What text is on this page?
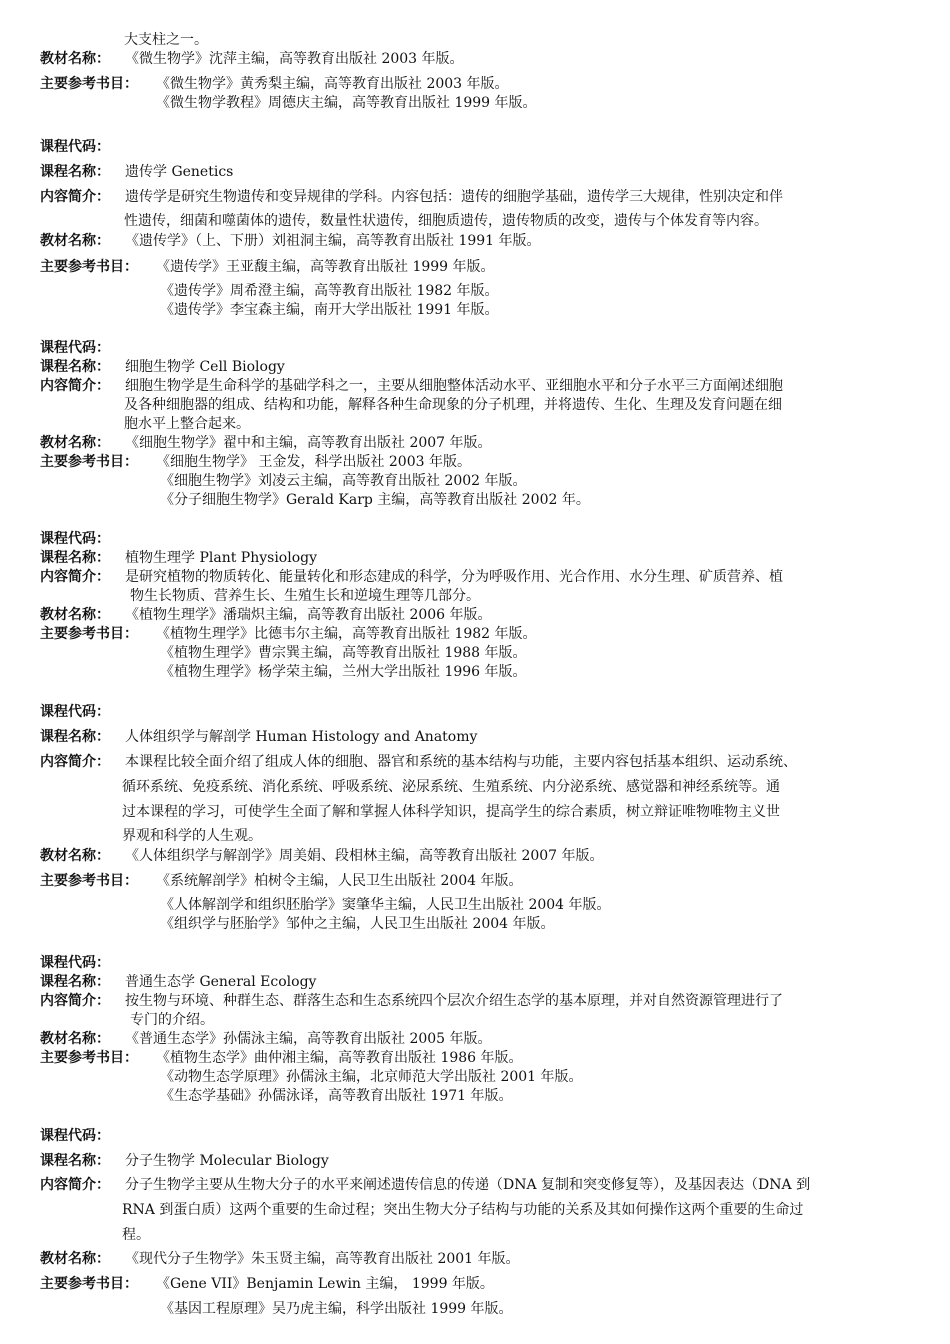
大支柱之一。
教材名称： 《微生物学》沈萍主编，高等教育出版社 2003 年版。
主要参考书目： 《微生物学》黄秀梨主编，高等教育出版社 2003 年版。
《微生物学教程》周德庆主编，高等教育出版社 1999 年版。
课程代码：
课程名称： 遗传学 Genetics
内容简介： 遗传学是研究生物遗传和变异规律的学科。内容包括：遗传的细胞学基础，遗传学三大规律，性别决定和伴
性遗传，细菌和噬菌体的遗传，数量性状遗传，细胞质遗传，遗传物质的改变，遗传与个体发育等内容。
教材名称： 《遗传学》（上、下册）刘祖洞主编，高等教育出版社 1991 年版。
主要参考书目： 《遗传学》王亚馥主编，高等教育出版社 1999 年版。
《遗传学》周希澄主编，高等教育出版社 1982 年版。
《遗传学》李宝森主编，南开大学出版社 1991 年版。
课程代码：
课程名称： 细胞生物学 Cell Biology
内容简介： 细胞生物学是生命科学的基础学科之一，主要从细胞整体活动水平、亚细胞水平和分子水平三方面阐述细胞
及各种细胞器的组成、结构和功能，解释各种生命现象的分子机理，并将遗传、生化、生理及发育问题在细
胞水平上整合起来。
教材名称： 《细胞生物学》翟中和主编，高等教育出版社 2007 年版。
主要参考书目： 《细胞生物学》 王金发，科学出版社 2003 年版。
《细胞生物学》刘凌云主编，高等教育出版社 2002 年版。
《分子细胞生物学》Gerald Karp 主编，高等教育出版社 2002 年。
课程代码：
课程名称： 植物生理学 Plant Physiology
内容简介： 是研究植物的物质转化、能量转化和形态建成的科学，分为呼吸作用、光合作用、水分生理、矿质营养、植
物生长物质、营养生长、生殖生长和逆境生理等几部分。
教材名称： 《植物生理学》潘瑞炽主编，高等教育出版社 2006 年版。
主要参考书目： 《植物生理学》比德韦尔主编，高等教育出版社 1982 年版。
《植物生理学》曹宗巽主编，高等教育出版社 1988 年版。
《植物生理学》杨学荣主编，兰州大学出版社 1996 年版。
课程代码：
课程名称： 人体组织学与解剖学 Human Histology and Anatomy
内容简介： 本课程比较全面介绍了组成人体的细胞、器官和系统的基本结构与功能，主要内容包括基本组织、运动系统、
循环系统、免疫系统、消化系统、呼吸系统、泌尿系统、生殖系统、内分泌系统、感觉器和神经系统等。通
过本课程的学习，可使学生全面了解和掌握人体科学知识，提高学生的综合素质，树立辩证唯物唯物主义世
界观和科学的人生观。
教材名称： 《人体组织学与解剖学》周美娟、段相林主编，高等教育出版社 2007 年版。
主要参考书目： 《系统解剖学》柏树令主编，人民卫生出版社 2004 年版。
《人体解剖学和组织胚胎学》窦肇华主编，人民卫生出版社 2004 年版。
《组织学与胚胎学》邹仲之主编，人民卫生出版社 2004 年版。
课程代码：
课程名称： 普通生态学 General Ecology
内容简介： 按生物与环境、种群生态、群落生态和生态系统四个层次介绍生态学的基本原理，并对自然资源管理进行了
专门的介绍。
教材名称： 《普通生态学》孙儒泳主编，高等教育出版社 2005 年版。
主要参考书目： 《植物生态学》曲仲湘主编，高等教育出版社 1986 年版。
《动物生态学原理》孙儒泳主编，北京师范大学出版社 2001 年版。
《生态学基础》孙儒泳译，高等教育出版社 1971 年版。
课程代码：
课程名称： 分子生物学 Molecular Biology
内容简介： 分子生物学主要从生物大分子的水平来阐述遗传信息的传递（DNA 复制和突变修复等），及基因表达（DNA 到
RNA 到蛋白质）这两个重要的生命过程；突出生物大分子结构与功能的关系及其如何操作这两个重要的生命过
程。
教材名称： 《现代分子生物学》朱玉贤主编，高等教育出版社 2001 年版。
主要参考书目： 《Gene VII》Benjamin Lewin 主编， 1999 年版。
《基因工程原理》吴乃虎主编，科学出版社 1999 年版。
